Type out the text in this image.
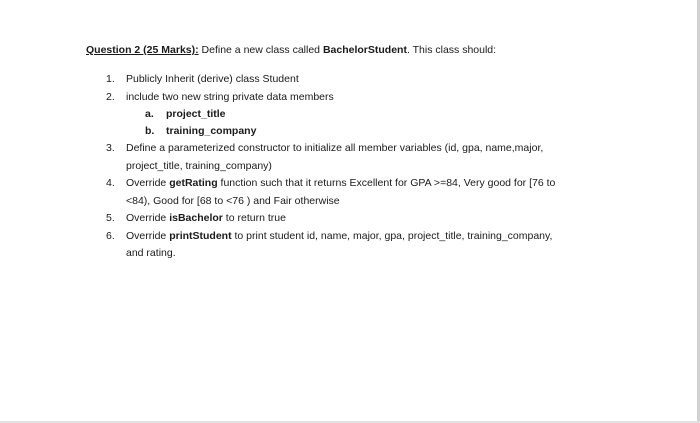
Question 2 (25 Marks): Define a new class called BachelorStudent. This class should:
1. Publicly Inherit (derive) class Student
2. include two new string private data members
a. project_title
b. training_company
3. Define a parameterized constructor to initialize all member variables (id, gpa, name,major,
project_title, training_company)
4. Override getRating function such that it returns Excellent for GPA >=84, Very good for [76 to
<84), Good for [68 to <76 ) and Fair otherwise
5. Override isBachelor to return true
6. Override printStudent to print student id, name, major, gpa, project_title, training_company,
and rating.
